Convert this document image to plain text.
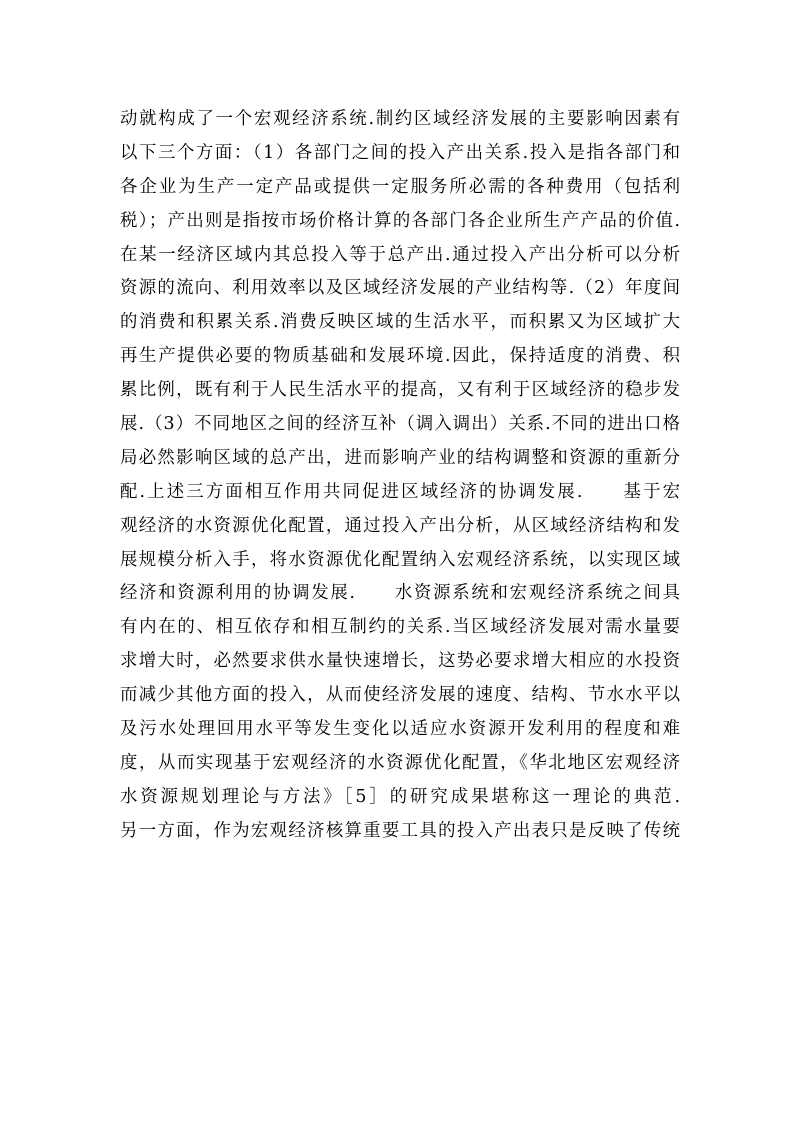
动就构成了一个宏观经济系统.制约区域经济发展的主要影响因素有
以下三个方面：（1）各部门之间的投入产出关系.投入是指各部门和
各企业为生产一定产品或提供一定服务所必需的各种费用（包括利
税）；产出则是指按市场价格计算的各部门各企业所生产产品的价值.
在某一经济区域内其总投入等于总产出.通过投入产出分析可以分析
资源的流向、利用效率以及区域经济发展的产业结构等.（2）年度间
的消费和积累关系.消费反映区域的生活水平，而积累又为区域扩大
再生产提供必要的物质基础和发展环境.因此，保持适度的消费、积
累比例，既有利于人民生活水平的提高，又有利于区域经济的稳步发
展.（3）不同地区之间的经济互补（调入调出）关系.不同的进出口格
局必然影响区域的总产出，进而影响产业的结构调整和资源的重新分
配.上述三方面相互作用共同促进区域经济的协调发展.　　基于宏
观经济的水资源优化配置，通过投入产出分析，从区域经济结构和发
展规模分析入手，将水资源优化配置纳入宏观经济系统，以实现区域
经济和资源利用的协调发展.　　水资源系统和宏观经济系统之间具
有内在的、相互依存和相互制约的关系.当区域经济发展对需水量要
求增大时，必然要求供水量快速增长，这势必要求增大相应的水投资
而减少其他方面的投入，从而使经济发展的速度、结构、节水水平以
及污水处理回用水平等发生变化以适应水资源开发利用的程度和难
度，从而实现基于宏观经济的水资源优化配置，《华北地区宏观经济
水资源规划理论与方法》［5］的研究成果堪称这一理论的典范.
另一方面，作为宏观经济核算重要工具的投入产出表只是反映了传统
